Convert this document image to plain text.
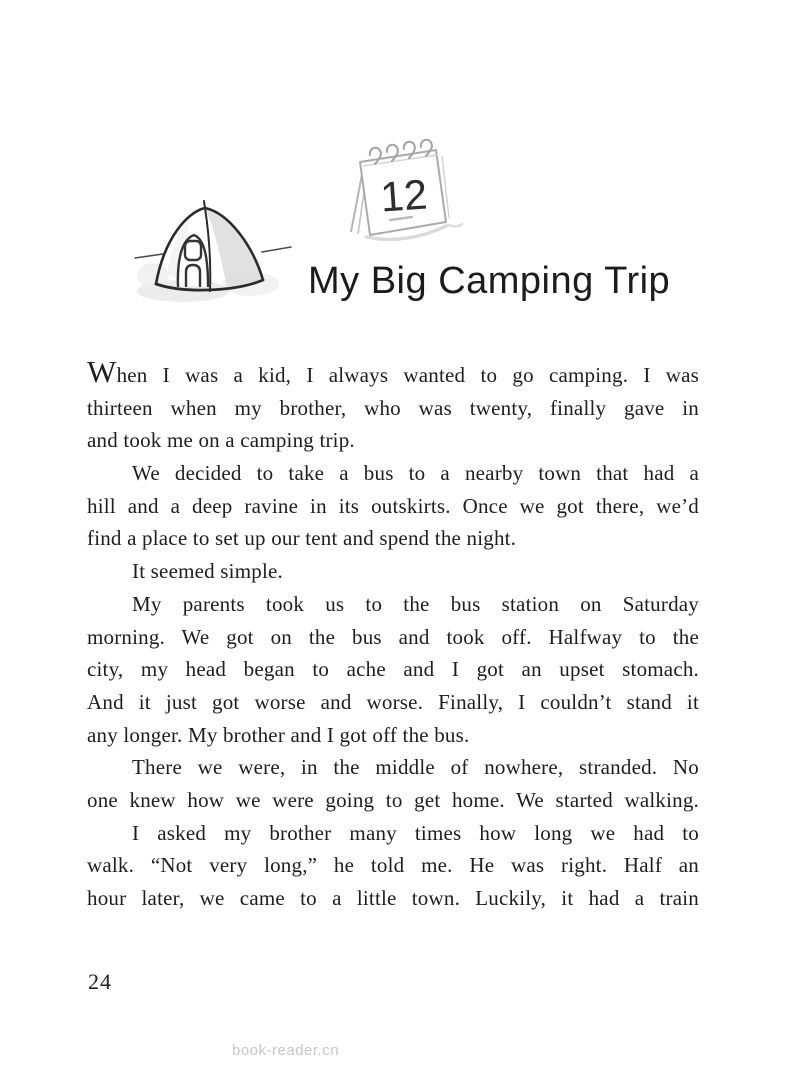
12
My Big Camping Trip
When I was a kid, I always wanted to go camping. I was
thirteen when my brother, who was twenty, finally gave in
and took me on a camping trip.
We decided to take a bus to a nearby town that had a
hill and a deep ravine in its outskirts. Once we got there, we’d
find a place to set up our tent and spend the night.
It seemed simple.
My parents took us to the bus station on Saturday
morning. We got on the bus and took off. Halfway to the
city, my head began to ache and I got an upset stomach.
And it just got worse and worse. Finally, I couldn’t stand it
any longer. My brother and I got off the bus.
There we were, in the middle of nowhere, stranded. No
one knew how we were going to get home. We started walking.
I asked my brother many times how long we had to
walk. “Not very long,” he told me. He was right. Half an
hour later, we came to a little town. Luckily, it had a train
24
book-reader.cn
